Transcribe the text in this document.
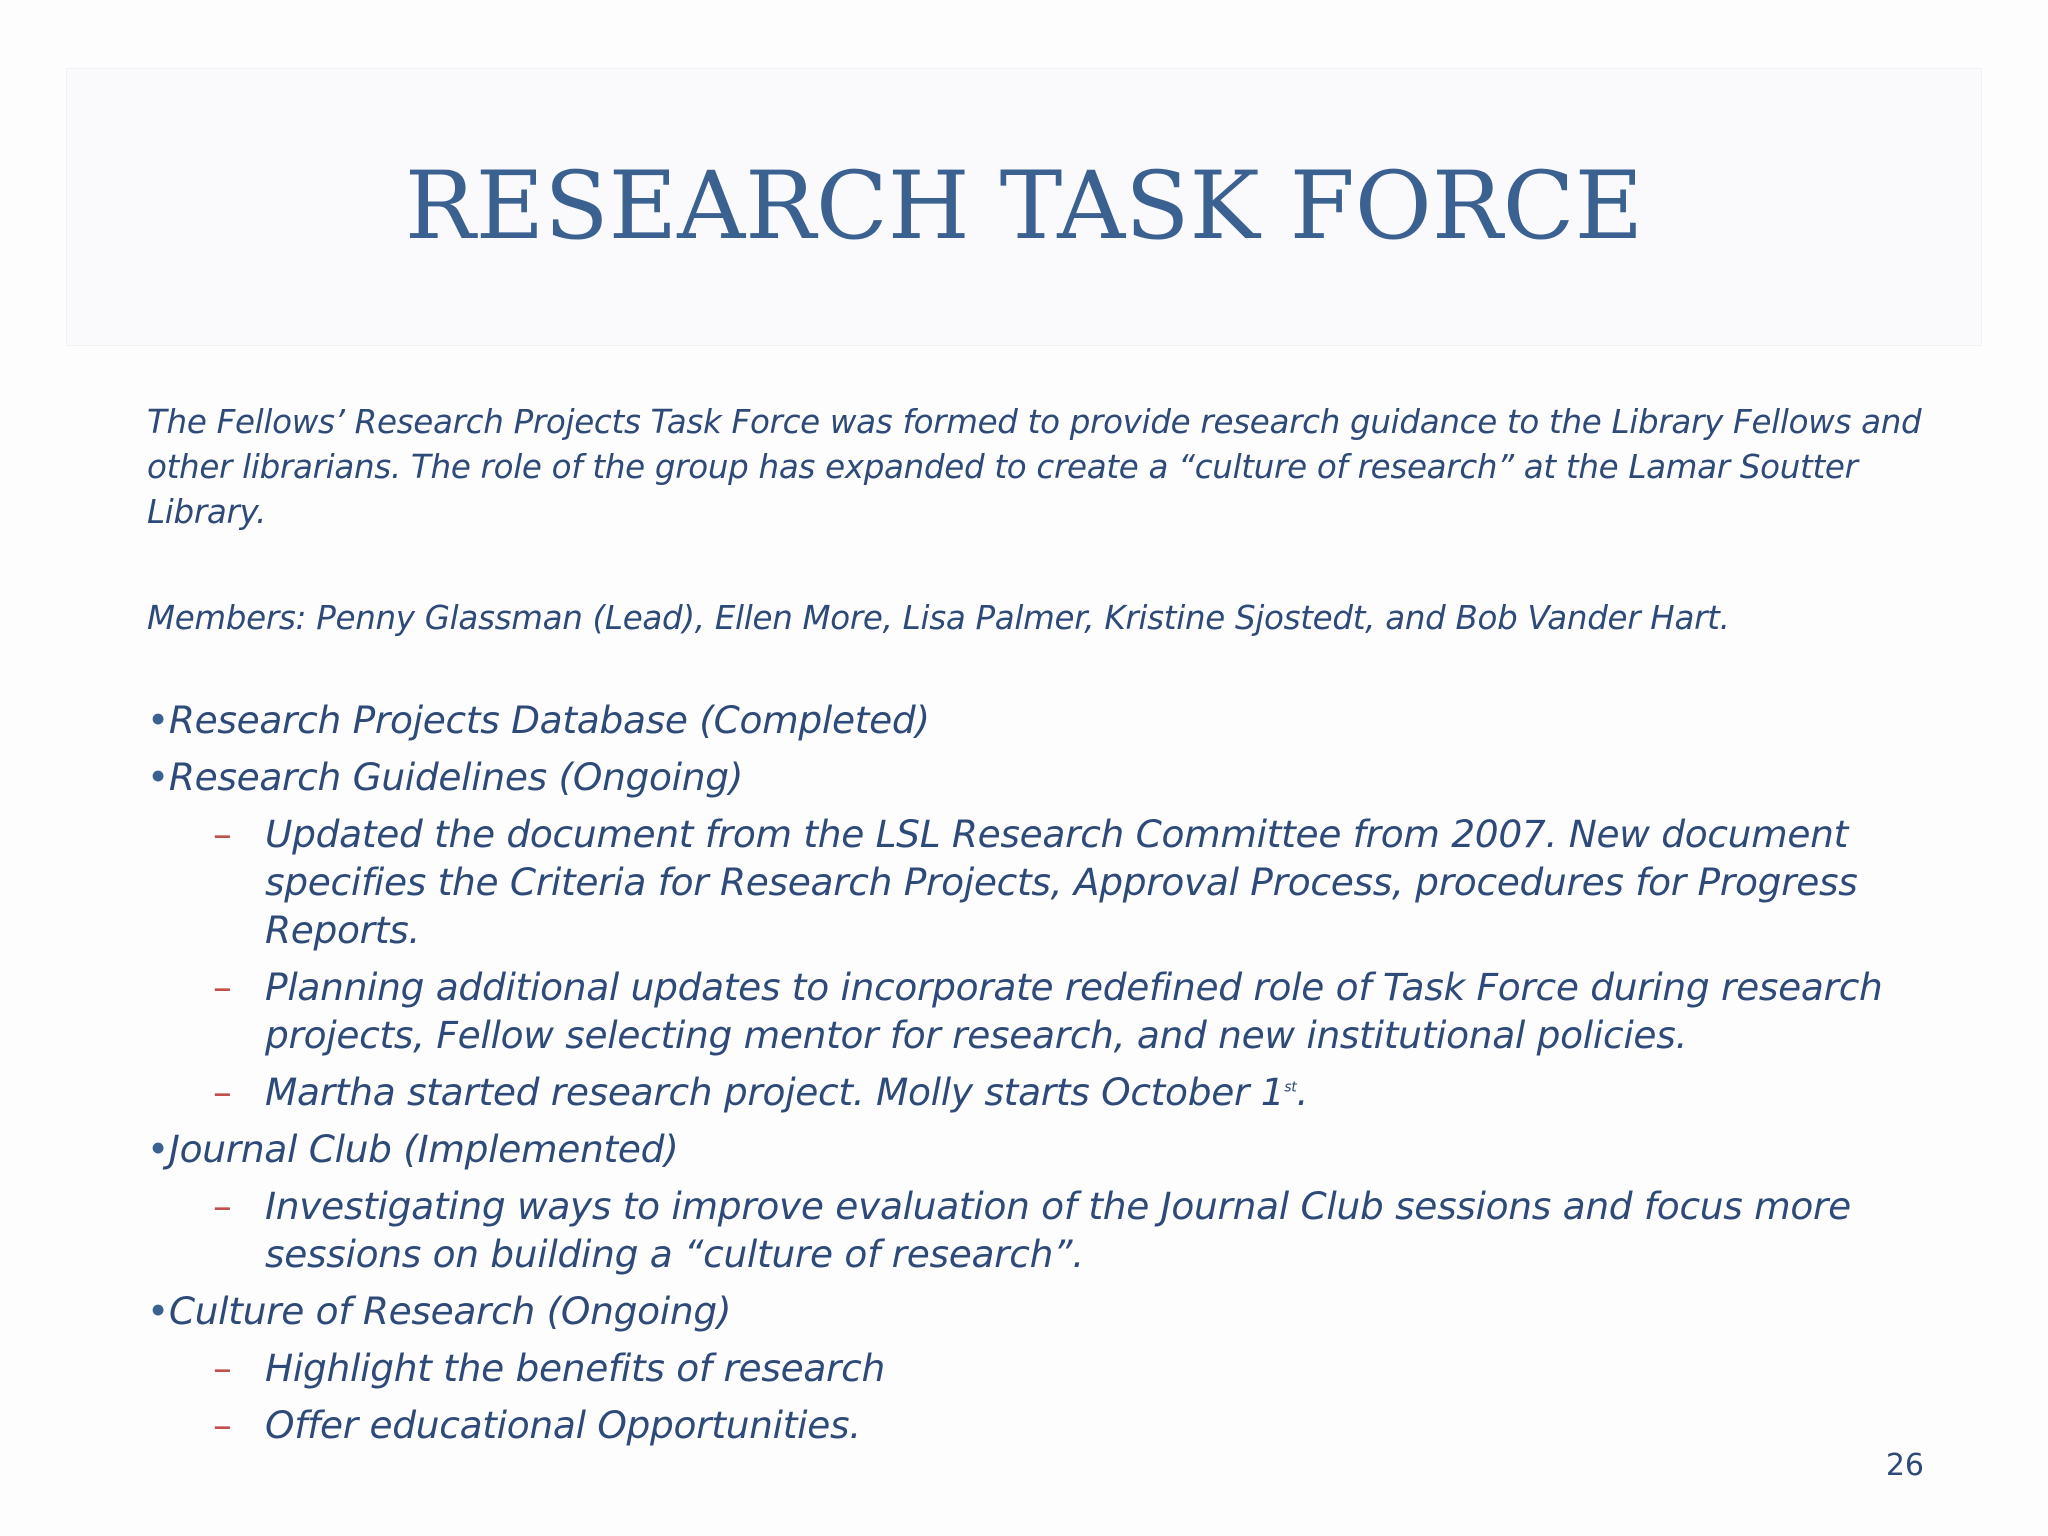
RESEARCH TASK FORCE

The Fellows’ Research Projects Task Force was formed to provide research guidance to the Library Fellows and other librarians. The role of the group has expanded to create a “culture of research” at the Lamar Soutter Library.

Members: Penny Glassman (Lead), Ellen More, Lisa Palmer, Kristine Sjostedt, and Bob Vander Hart.

•Research Projects Database (Completed)
•Research Guidelines (Ongoing)
– Updated the document from the LSL Research Committee from 2007. New document specifies the Criteria for Research Projects, Approval Process, procedures for Progress Reports.
– Planning additional updates to incorporate redefined role of Task Force during research projects, Fellow selecting mentor for research, and new institutional policies.
– Martha started research project. Molly starts October 1st.
•Journal Club (Implemented)
– Investigating ways to improve evaluation of the Journal Club sessions and focus more sessions on building a “culture of research”.
•Culture of Research (Ongoing)
– Highlight the benefits of research
– Offer educational Opportunities.
26
